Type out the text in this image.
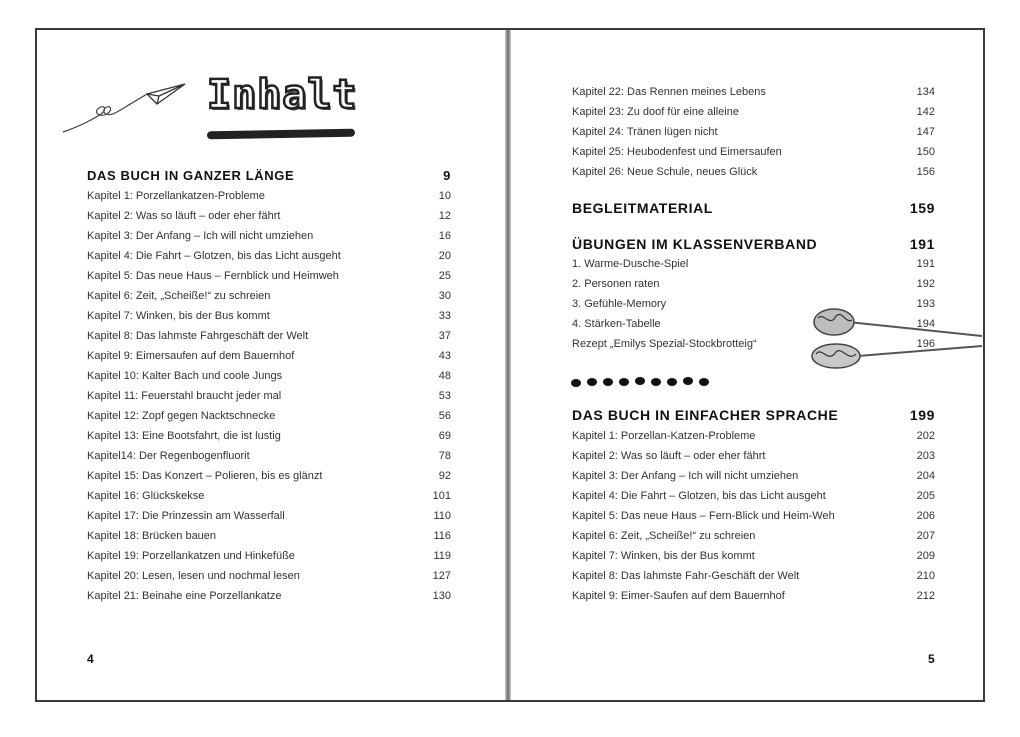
Inhalt
DAS BUCH IN GANZER LÄNGE	9
Kapitel 1: Porzellankatzen-Probleme	10
Kapitel 2: Was so läuft – oder eher fährt	12
Kapitel 3: Der Anfang – Ich will nicht umziehen	16
Kapitel 4: Die Fahrt – Glotzen, bis das Licht ausgeht	20
Kapitel 5: Das neue Haus – Fernblick und Heimweh	25
Kapitel 6: Zeit, „Scheiße!“ zu schreien	30
Kapitel 7: Winken, bis der Bus kommt	33
Kapitel 8: Das lahmste Fahrgeschäft der Welt	37
Kapitel 9: Eimersaufen auf dem Bauernhof	43
Kapitel 10: Kalter Bach und coole Jungs	48
Kapitel 11: Feuerstahl braucht jeder mal	53
Kapitel 12: Zopf gegen Nacktschnecke	56
Kapitel 13: Eine Bootsfahrt, die ist lustig	69
Kapitel14: Der Regenbogenfluorit	78
Kapitel 15: Das Konzert – Polieren, bis es glänzt	92
Kapitel 16: Glückskekse	101
Kapitel 17: Die Prinzessin am Wasserfall	110
Kapitel 18: Brücken bauen	116
Kapitel 19: Porzellankatzen und Hinkefüße	119
Kapitel 20: Lesen, lesen und nochmal lesen	127
Kapitel 21: Beinahe eine Porzellankatze	130
4
Kapitel 22: Das Rennen meines Lebens	134
Kapitel 23: Zu doof für eine alleine	142
Kapitel 24: Tränen lügen nicht	147
Kapitel 25: Heubodenfest und Eimersaufen	150
Kapitel 26: Neue Schule, neues Glück	156
BEGLEITMATERIAL	159
ÜBUNGEN IM KLASSENVERBAND	191
1. Warme-Dusche-Spiel	191
2. Personen raten	192
3. Gefühle-Memory	193
4. Stärken-Tabelle	194
Rezept „Emilys Spezial-Stockbrotteig“	196
DAS BUCH IN EINFACHER SPRACHE	199
Kapitel 1: Porzellan-Katzen-Probleme	202
Kapitel 2: Was so läuft – oder eher fährt	203
Kapitel 3: Der Anfang – Ich will nicht umziehen	204
Kapitel 4: Die Fahrt – Glotzen, bis das Licht ausgeht	205
Kapitel 5: Das neue Haus – Fern-Blick und Heim-Weh	206
Kapitel 6: Zeit, „Scheiße!“ zu schreien	207
Kapitel 7: Winken, bis der Bus kommt	209
Kapitel 8: Das lahmste Fahr-Geschäft der Welt	210
Kapitel 9: Eimer-Saufen auf dem Bauernhof	212
5
